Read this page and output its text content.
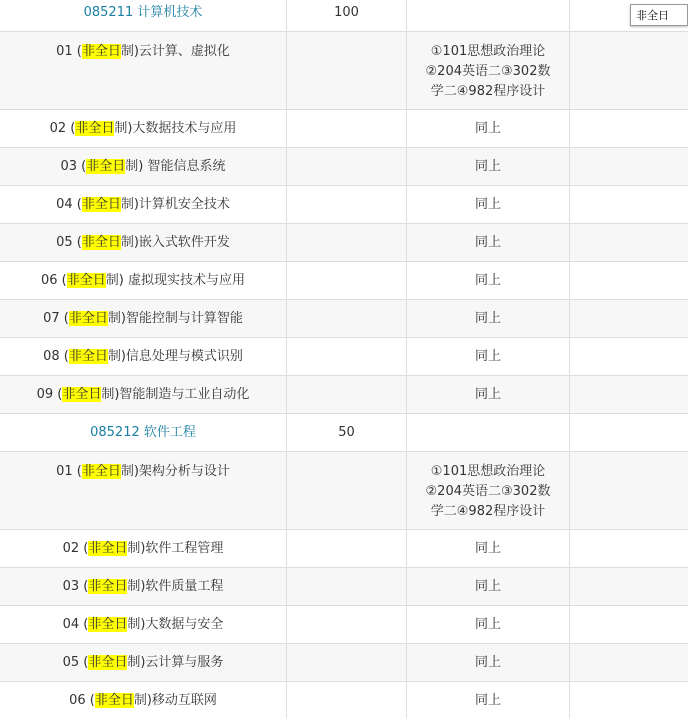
085211 计算机技术	100
01 (非全日制)云计算、虚拟化	①101思想政治理论
②204英语二③302数
学二④982程序设计
02 (非全日制)大数据技术与应用	同上
03 (非全日制) 智能信息系统	同上
04 (非全日制)计算机安全技术	同上
05 (非全日制)嵌入式软件开发	同上
06 (非全日制) 虚拟现实技术与应用	同上
07 (非全日制)智能控制与计算智能	同上
08 (非全日制)信息处理与模式识别	同上
09 (非全日制)智能制造与工业自动化	同上
085212 软件工程	50
01 (非全日制)架构分析与设计	①101思想政治理论
②204英语二③302数
学二④982程序设计
02 (非全日制)软件工程管理	同上
03 (非全日制)软件质量工程	同上
04 (非全日制)大数据与安全	同上
05 (非全日制)云计算与服务	同上
06 (非全日制)移动互联网	同上
非全日
